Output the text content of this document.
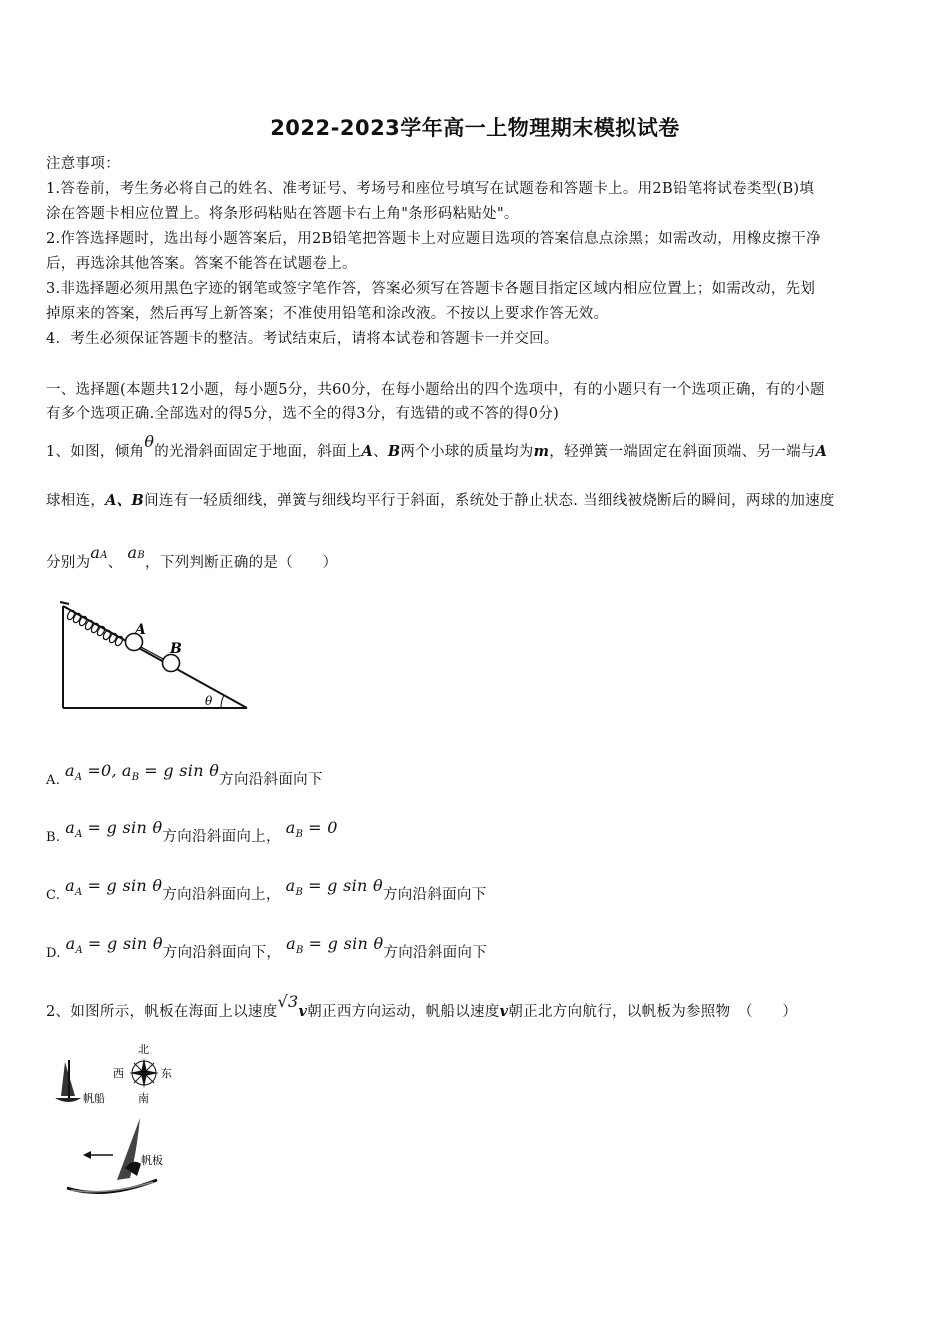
2022-2023学年高一上物理期末模拟试卷
注意事项：
1.答卷前，考生务必将自己的姓名、准考证号、考场号和座位号填写在试题卷和答题卡上。用2B铅笔将试卷类型(B)填
涂在答题卡相应位置上。将条形码粘贴在答题卡右上角"条形码粘贴处"。
2.作答选择题时，选出每小题答案后，用2B铅笔把答题卡上对应题目选项的答案信息点涂黑；如需改动，用橡皮擦干净
后，再选涂其他答案。答案不能答在试题卷上。
3.非选择题必须用黑色字迹的钢笔或签字笔作答，答案必须写在答题卡各题目指定区域内相应位置上；如需改动，先划
掉原来的答案，然后再写上新答案；不准使用铅笔和涂改液。不按以上要求作答无效。
4．考生必须保证答题卡的整洁。考试结束后，请将本试卷和答题卡一并交回。
一、选择题(本题共12小题，每小题5分，共60分，在每小题给出的四个选项中，有的小题只有一个选项正确，有的小题
有多个选项正确.全部选对的得5分，选不全的得3分，有选错的或不答的得0分)
1、如图，倾角θ的光滑斜面固定于地面，斜面上A、B两个小球的质量均为m，轻弹簧一端固定在斜面顶端、另一端与A
球相连，A、B间连有一轻质细线，弹簧与细线均平行于斜面，系统处于静止状态. 当细线被烧断后的瞬间，两球的加速度
分别为$a^A$、 $a^B$，下列判断正确的是（　　）
A
B
θ
A. $a_A =0$, $a_B = g$ sin θ方向沿斜面向下
B. $a_A = g$ sin θ方向沿斜面向上， $a_B = 0$
C. $a_A = g$ sin θ方向沿斜面向上， $a_B = g$ sin θ方向沿斜面向下
D. $a_A = g$ sin θ方向沿斜面向下， $a_B = g$ sin θ方向沿斜面向下
2、如图所示，帆板在海面上以速度√3v朝正西方向运动，帆船以速度v朝正北方向航行，以帆板为参照物　（　　）
北
南
西	东
帆船
帆板
